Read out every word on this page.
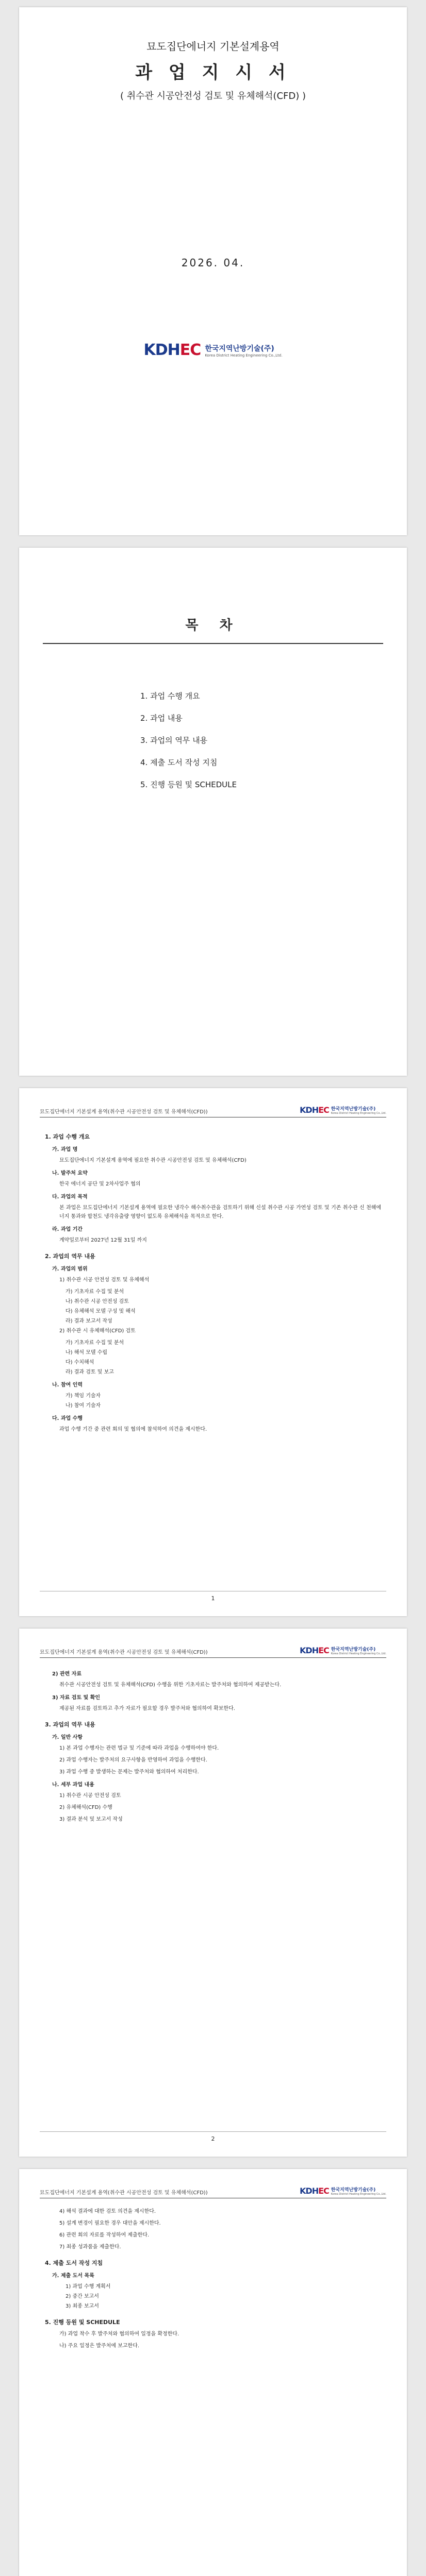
묘도집단에너지 기본설계용역
과 업 지 시 서
( 취수관 시공안전성 검토 및 유체해석(CFD) )
2026. 04.
KDHEC 한국지역난방기술(주)
Korea District Heating Engineering Co.,Ltd.
목 차
1. 과업 수행 개요
2. 과업 내용
3. 과업의 역무 내용
4. 제출 도서 작성 지침
5. 진행 등원 및 SCHEDULE
묘도집단에너지 기본설계 용역(취수관 시공안전성 검토 및 유체해석(CFD))	KDHEC 한국지역난방기술(주)
Korea District Heating Engineering Co.,Ltd.
1. 과업 수행 개요
가. 과업 명
묘도집단에너지 기본설계 용역에 필요한 취수관 시공안전성 검토 및 유체해석(CFD)
나. 발주처 요약
한국 에너지 공단 및 2차사업주 협의
다. 과업의 목적
본 과업은 묘도집단에너지 기본설계 용역에 필요한 냉각수 해수취수관을 검토하기 위해 신설 취수관 시공 가연성 검토 및 기존 취수관 신 천해에너지 통과와 합천도 냉각유출량 영향이 없도록 유체해석을 목적으로 한다.
라. 과업 기간
계약일로부터 2027년 12월 31일 까지
2. 과업의 역무 내용
가. 과업의 범위
1) 취수관 시공 안전성 검토 및 유체해석
가) 기초자료 수집 및 분석
나) 취수관 시공 안전성 검토
다) 유체해석 모델 구성 및 해석
라) 결과 보고서 작성
2) 취수관 시 유체해석(CFD) 검토
가) 기초자료 수집 및 분석
나) 해석 모델 수립
다) 수치해석
라) 결과 검토 및 보고
나. 참여 인력
가) 책임 기술자
나) 참여 기술자
다. 과업 수행
과업 수행 기간 중 관련 회의 및 협의에 참석하여 의견을 제시한다.
1
묘도집단에너지 기본설계 용역(취수관 시공안전성 검토 및 유체해석(CFD))	KDHEC 한국지역난방기술(주)
Korea District Heating Engineering Co.,Ltd.
2) 관련 자료
취수관 시공안전성 검토 및 유체해석(CFD) 수행을 위한 기초자료는 발주처와 협의하여 제공받는다.
3) 자료 검토 및 확인
제공된 자료를 검토하고 추가 자료가 필요할 경우 발주처와 협의하여 확보한다.
3. 과업의 역무 내용
가. 일반 사항
1) 본 과업 수행자는 관련 법규 및 기준에 따라 과업을 수행하여야 한다.
2) 과업 수행자는 발주처의 요구사항을 반영하여 과업을 수행한다.
3) 과업 수행 중 발생하는 문제는 발주처와 협의하여 처리한다.
나. 세부 과업 내용
1) 취수관 시공 안전성 검토
2) 유체해석(CFD) 수행
3) 결과 분석 및 보고서 작성
2
묘도집단에너지 기본설계 용역(취수관 시공안전성 검토 및 유체해석(CFD))	KDHEC 한국지역난방기술(주)
Korea District Heating Engineering Co.,Ltd.
4) 해석 결과에 대한 검토 의견을 제시한다.
5) 설계 변경이 필요한 경우 대안을 제시한다.
6) 관련 회의 자료를 작성하여 제출한다.
7) 최종 성과품을 제출한다.
4. 제출 도서 작성 지침
가. 제출 도서 목록
1) 과업 수행 계획서
2) 중간 보고서
3) 최종 보고서
5. 진행 등원 및 SCHEDULE
가) 과업 착수 후 발주처와 협의하여 일정을 확정한다.
나) 주요 일정은 발주처에 보고한다.
